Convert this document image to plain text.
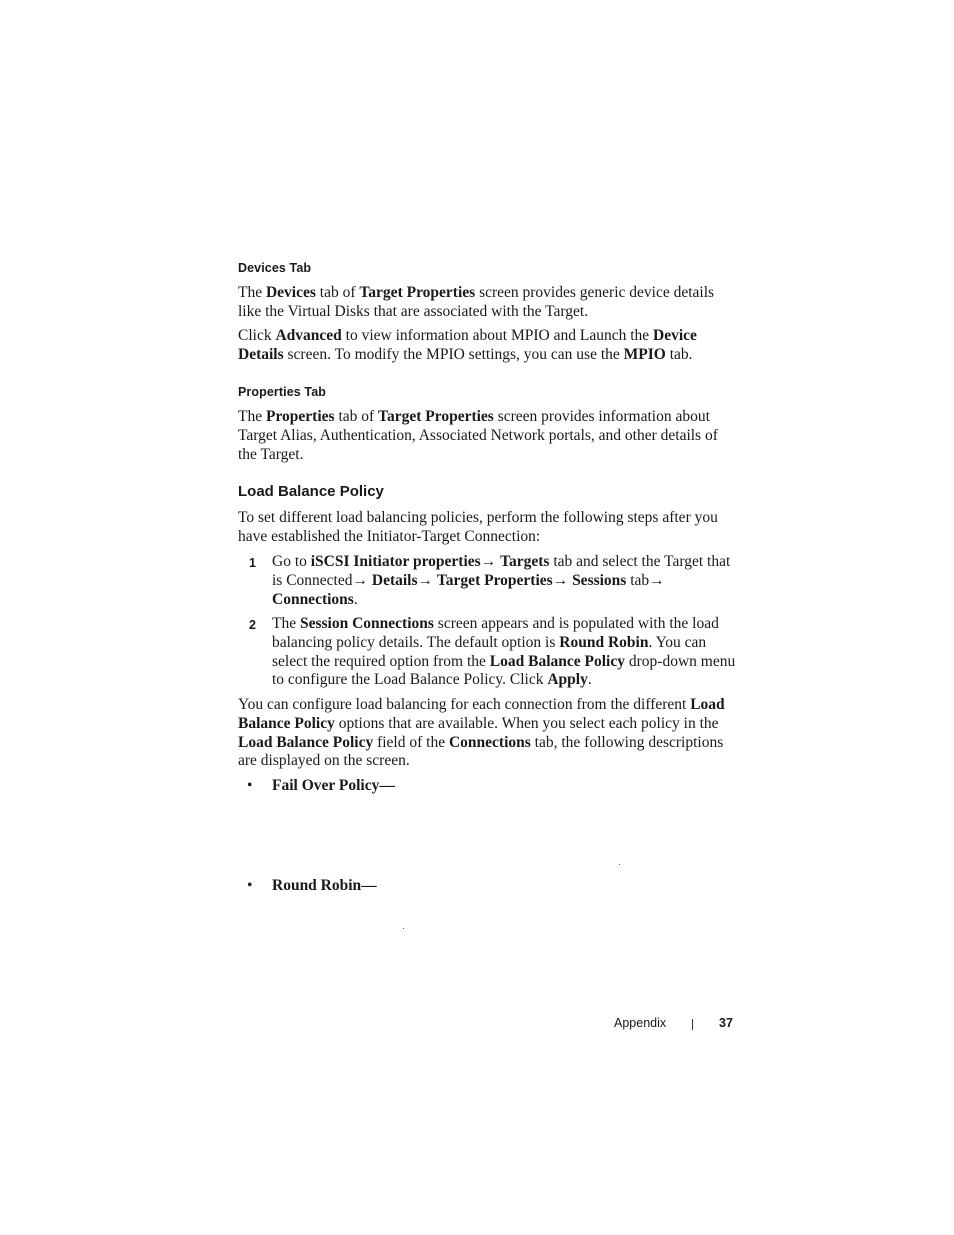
Devices Tab

The Devices tab of Target Properties screen provides generic device details like the Virtual Disks that are associated with the Target.

Click Advanced to view information about MPIO and Launch the Device Details screen. To modify the MPIO settings, you can use the MPIO tab.

Properties Tab

The Properties tab of Target Properties screen provides information about Target Alias, Authentication, Associated Network portals, and other details of the Target.

Load Balance Policy

To set different load balancing policies, perform the following steps after you have established the Initiator-Target Connection:

1 Go to iSCSI Initiator properties→ Targets tab and select the Target that is Connected→ Details→ Target Properties→ Sessions tab→ Connections.
2 The Session Connections screen appears and is populated with the load balancing policy details. The default option is Round Robin. You can select the required option from the Load Balance Policy drop-down menu to configure the Load Balance Policy. Click Apply.

You can configure load balancing for each connection from the different Load Balance Policy options that are available. When you select each policy in the Load Balance Policy field of the Connections tab, the following descriptions are displayed on the screen.

• Fail Over Policy—
• Round Robin—
Appendix	37
